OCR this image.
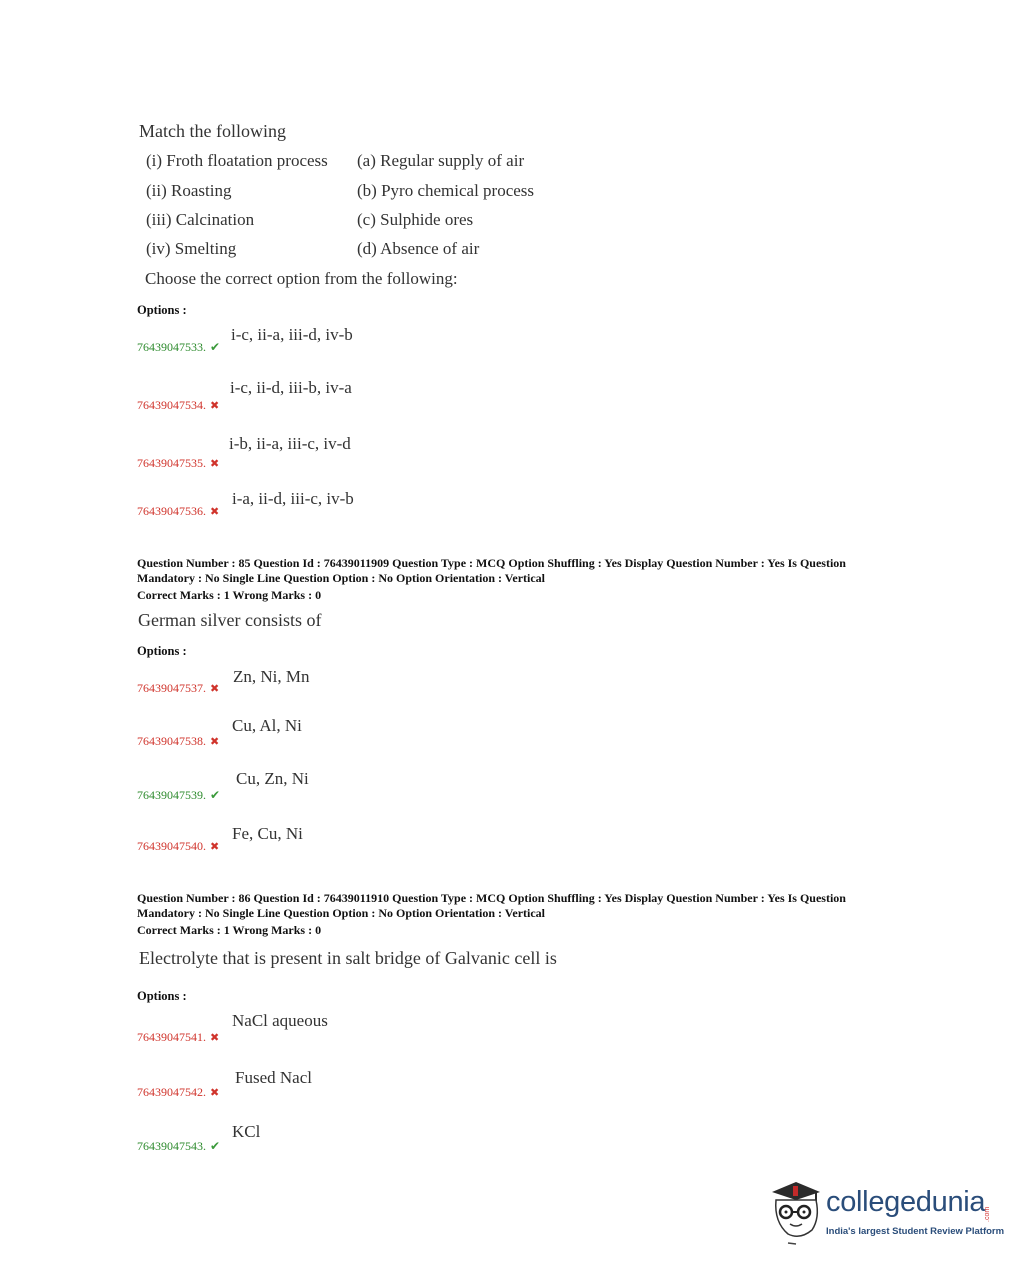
Match the following
(i) Froth floatation process (a) Regular supply of air
(ii) Roasting	(b) Pyro chemical process
(iii) Calcination	(c) Sulphide ores
(iv) Smelting	(d) Absence of air
Choose the correct option from the following:
Options :
76439047533. ✔
i-c, ii-a, iii-d, iv-b
76439047534. ✖
i-c, ii-d, iii-b, iv-a
76439047535. ✖
i-b, ii-a, iii-c, iv-d
76439047536. ✖
i-a, ii-d, iii-c, iv-b
Question Number : 85 Question Id : 76439011909 Question Type : MCQ Option Shuffling : Yes Display Question Number : Yes Is Question
Mandatory : No Single Line Question Option : No Option Orientation : Vertical
Correct Marks : 1 Wrong Marks : 0
German silver consists of
Options :
76439047537. ✖
Zn, Ni, Mn
76439047538. ✖
Cu, Al, Ni
76439047539. ✔
Cu, Zn, Ni
76439047540. ✖
Fe, Cu, Ni
Question Number : 86 Question Id : 76439011910 Question Type : MCQ Option Shuffling : Yes Display Question Number : Yes Is Question
Mandatory : No Single Line Question Option : No Option Orientation : Vertical
Correct Marks : 1 Wrong Marks : 0
Electrolyte that is present in salt bridge of Galvanic cell is
Options :
76439047541. ✖
NaCl aqueous
76439047542. ✖
Fused Nacl
76439047543. ✔
KCl
collegedunia
India's largest Student Review Platform
.com
